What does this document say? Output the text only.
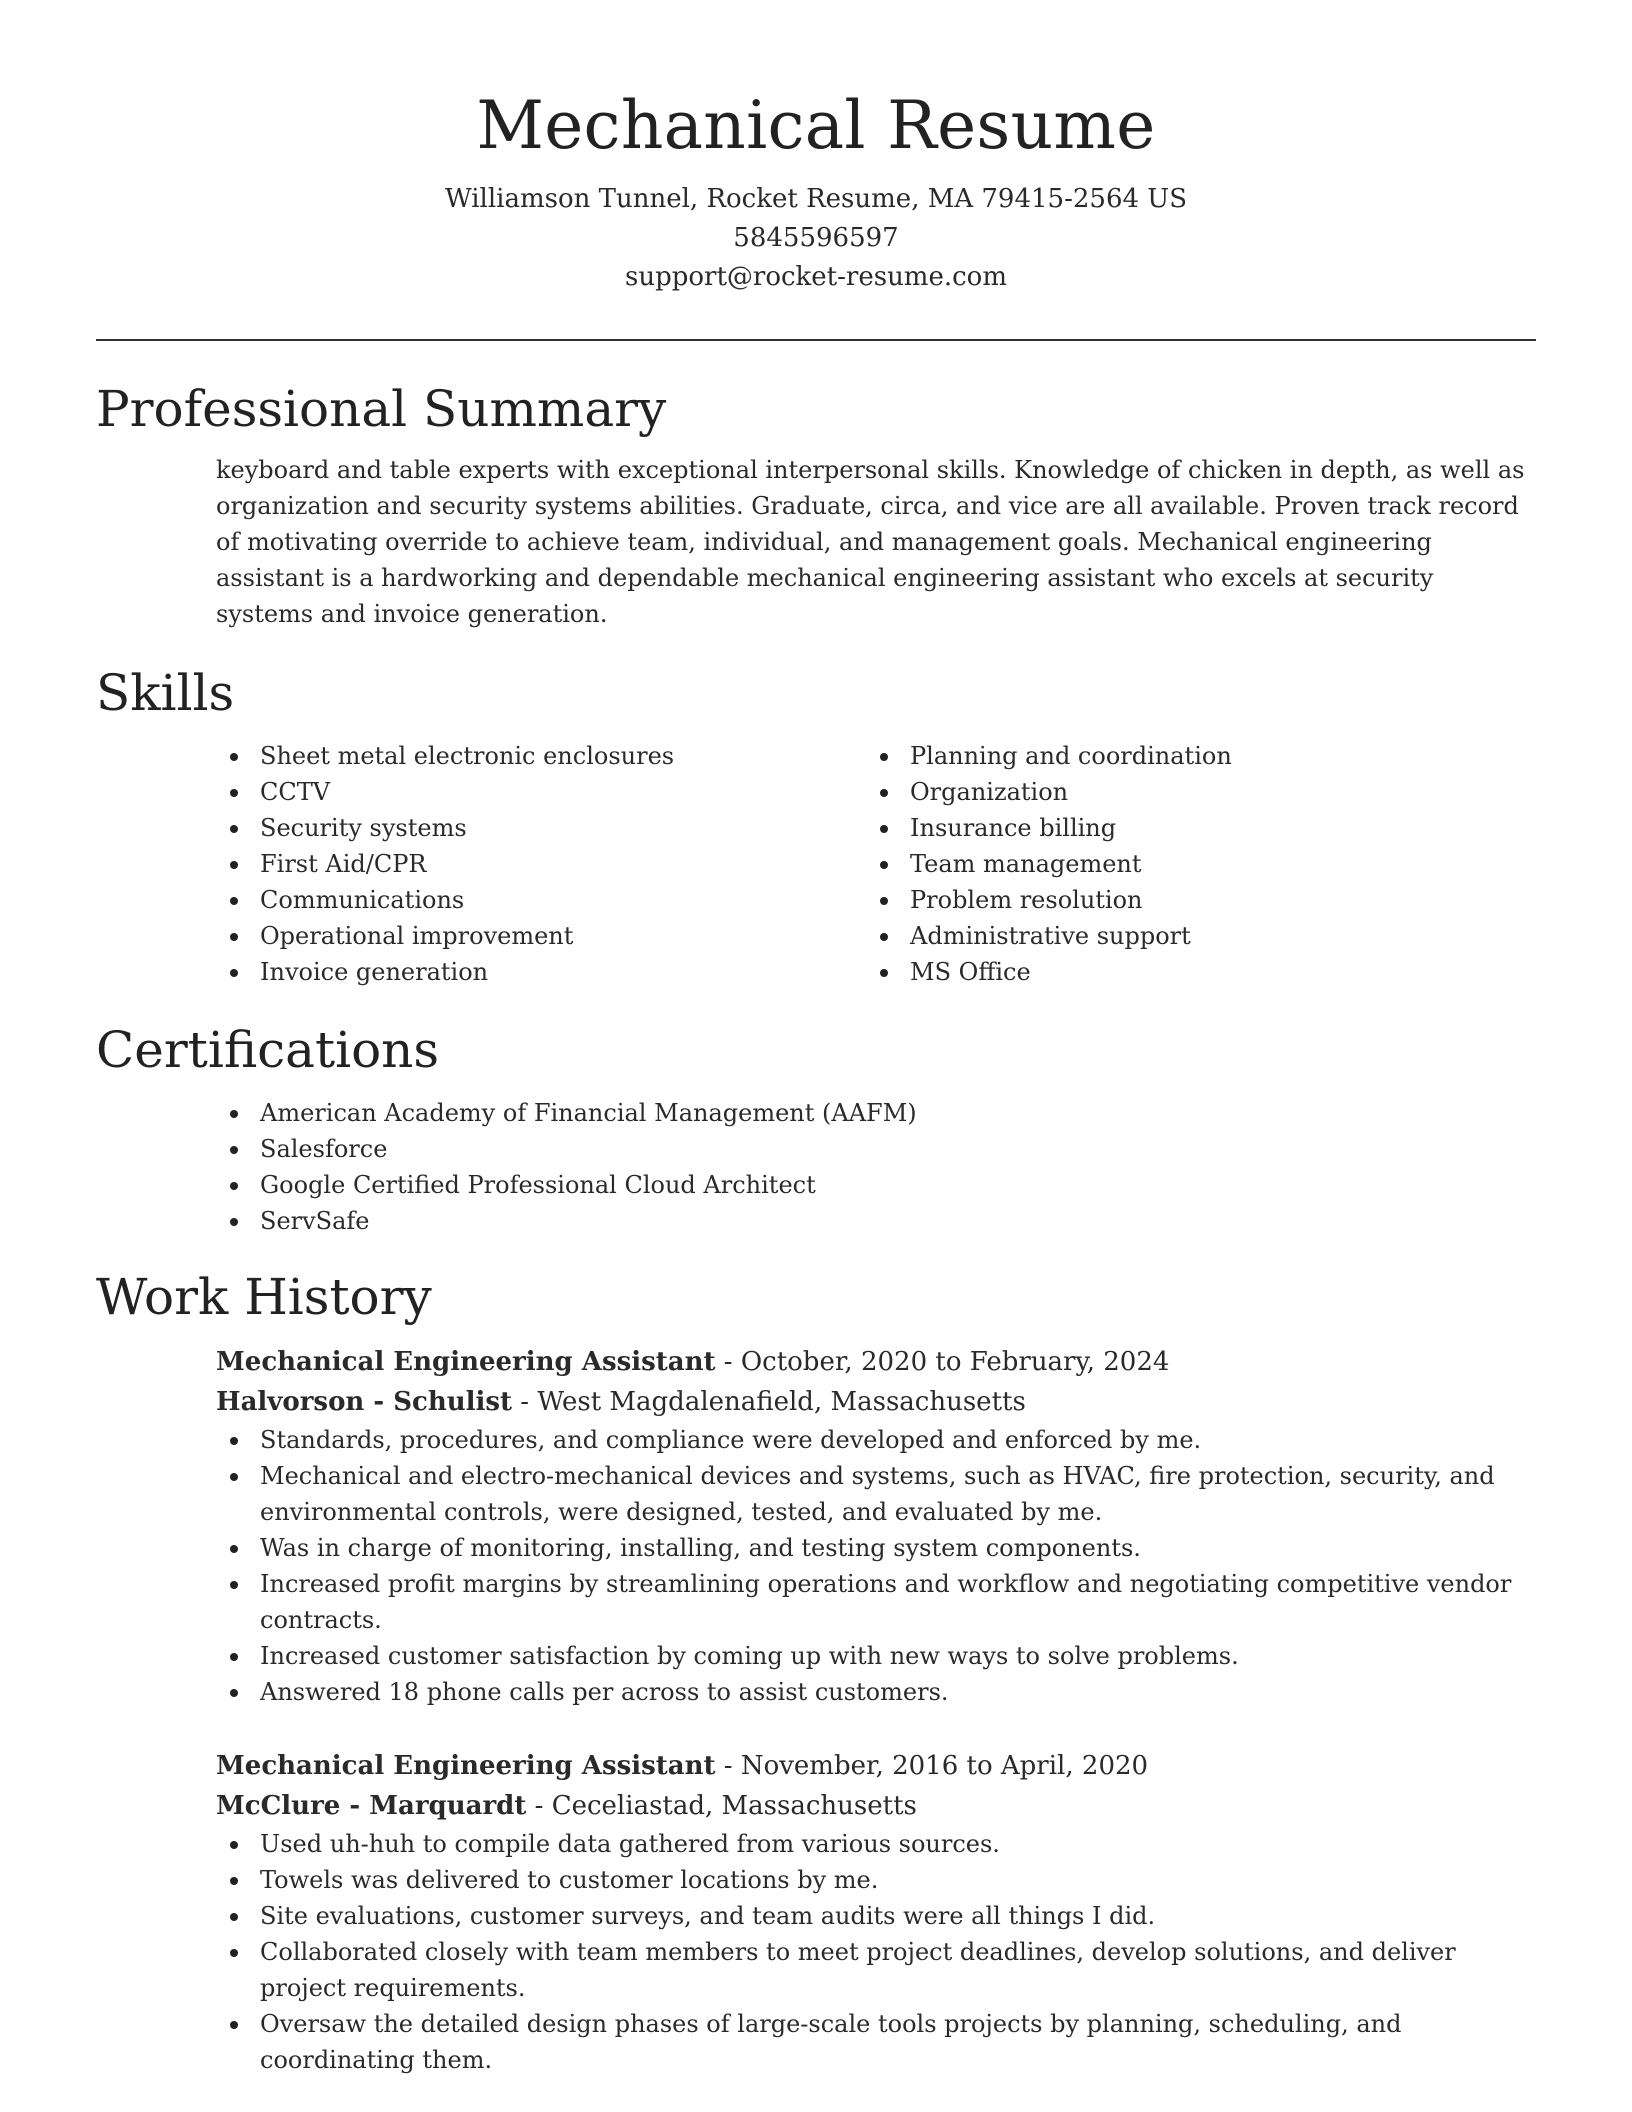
Mechanical Resume
Williamson Tunnel, Rocket Resume, MA 79415-2564 US
5845596597
support@rocket-resume.com
Professional Summary

keyboard and table experts with exceptional interpersonal skills. Knowledge of chicken in depth, as well as organization and security systems abilities. Graduate, circa, and vice are all available. Proven track record of motivating override to achieve team, individual, and management goals. Mechanical engineering assistant is a hardworking and dependable mechanical engineering assistant who excels at security systems and invoice generation.

Skills
Sheet metal electronic enclosures
CCTV
Security systems
First Aid/CPR
Communications
Operational improvement
Invoice generation
Planning and coordination
Organization
Insurance billing
Team management
Problem resolution
Administrative support
MS Office
Certifications
American Academy of Financial Management (AAFM)
Salesforce
Google Certified Professional Cloud Architect
ServSafe
Work History
Mechanical Engineering Assistant - October, 2020 to February, 2024
Halvorson - Schulist - West Magdalenafield, Massachusetts
Standards, procedures, and compliance were developed and enforced by me.
Mechanical and electro-mechanical devices and systems, such as HVAC, fire protection, security, and environmental controls, were designed, tested, and evaluated by me.
Was in charge of monitoring, installing, and testing system components.
Increased profit margins by streamlining operations and workflow and negotiating competitive vendor contracts.
Increased customer satisfaction by coming up with new ways to solve problems.
Answered 18 phone calls per across to assist customers.
Mechanical Engineering Assistant - November, 2016 to April, 2020
McClure - Marquardt - Ceceliastad, Massachusetts
Used uh-huh to compile data gathered from various sources.
Towels was delivered to customer locations by me.
Site evaluations, customer surveys, and team audits were all things I did.
Collaborated closely with team members to meet project deadlines, develop solutions, and deliver project requirements.
Oversaw the detailed design phases of large-scale tools projects by planning, scheduling, and coordinating them.
